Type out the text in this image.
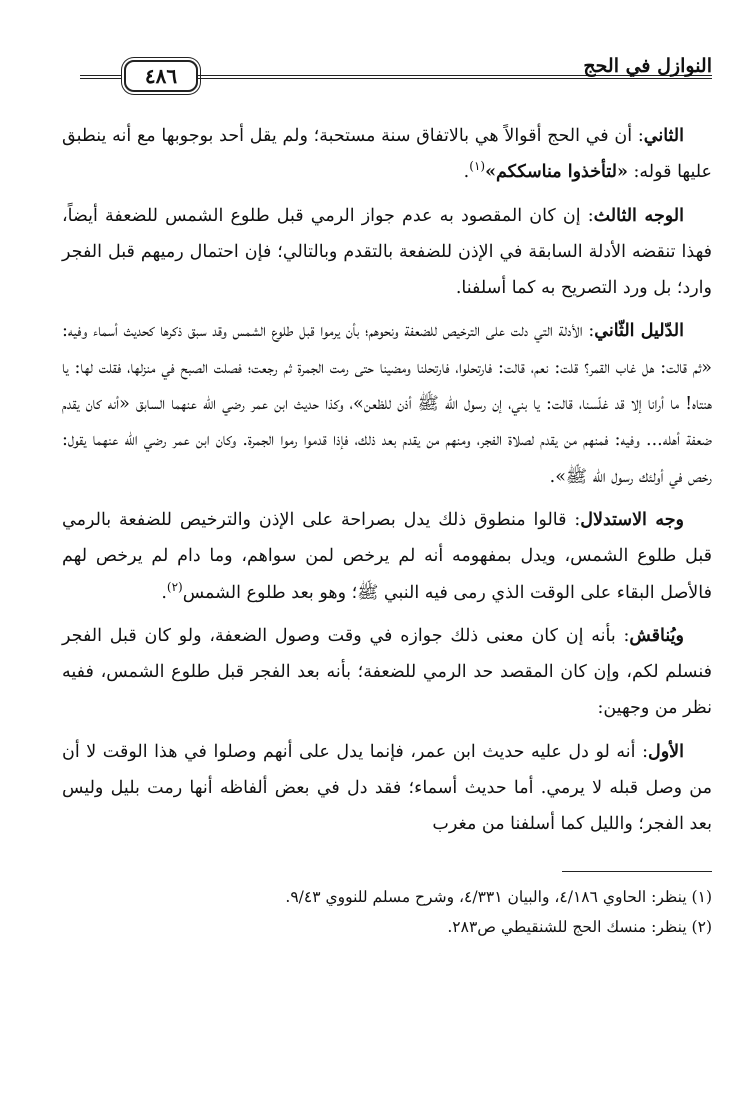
٤٨٦	النوازل في الحج

الثاني: أن في الحج أقوالاً هي بالاتفاق سنة مستحبة؛ ولم يقل أحد بوجوبها مع أنه ينطبق عليها قوله: «لتأخذوا مناسككم»$^{(١)}$.

الوجه الثالث: إن كان المقصود به عدم جواز الرمي قبل طلوع الشمس للضعفة أيضاً، فهذا تنقضه الأدلة السابقة في الإذن للضفعة بالتقدم وبالتالي؛ فإن احتمال رميهم قبل الفجر وارد؛ بل ورد التصريح به كما أسلفنا.

الدّليل الثّاني: الأدلة التي دلت على الترخيص للضعفة ونحوهم؛ بأن يرموا قبل طلوع الشمس وقد سبق ذكرها كحديث أسماء وفيه: «ثم قالت: هل غاب القمر؟ قلت: نعم، قالت: فارتحلوا، فارتحلنا ومضينا حتى رمت الجمرة ثم رجعت؛ فصلت الصبح في منزلها، فقلت لها: يا هنتاه! ما أرانا إلا قد غلّسنا، قالت: يا بني، إن رسول الله ﷺ أذن للظعن»، وكذا حديث ابن عمر رضي الله عنهما السابق «أنه كان يقدم ضعفة أهله... وفيه: فمنهم من يقدم لصلاة الفجر، ومنهم من يقدم بعد ذلك، فإذا قدموا رموا الجمرة. وكان ابن عمر رضي الله عنهما يقول: رخص في أولئك رسول الله ﷺ».

وجه الاستدلال: قالوا منطوق ذلك يدل بصراحة على الإذن والترخيص للضفعة بالرمي قبل طلوع الشمس، ويدل بمفهومه أنه لم يرخص لمن سواهم، وما دام لم يرخص لهم فالأصل البقاء على الوقت الذي رمى فيه النبي ﷺ؛ وهو بعد طلوع الشمس$^{(٢)}$.

ويُناقش: بأنه إن كان معنى ذلك جوازه في وقت وصول الضعفة، ولو كان قبل الفجر فنسلم لكم، وإن كان المقصد حد الرمي للضعفة؛ بأنه بعد الفجر قبل طلوع الشمس، ففيه نظر من وجهين:

الأول: أنه لو دل عليه حديث ابن عمر، فإنما يدل على أنهم وصلوا في هذا الوقت لا أن من وصل قبله لا يرمي. أما حديث أسماء؛ فقد دل في بعض ألفاظه أنها رمت بليل وليس بعد الفجر؛ والليل كما أسلفنا من مغرب

(١) ينظر: الحاوي ٤/١٨٦، والبيان ٤/٣٣١، وشرح مسلم للنووي ٩/٤٣.
(٢) ينظر: منسك الحج للشنقيطي ص٢٨٣.
